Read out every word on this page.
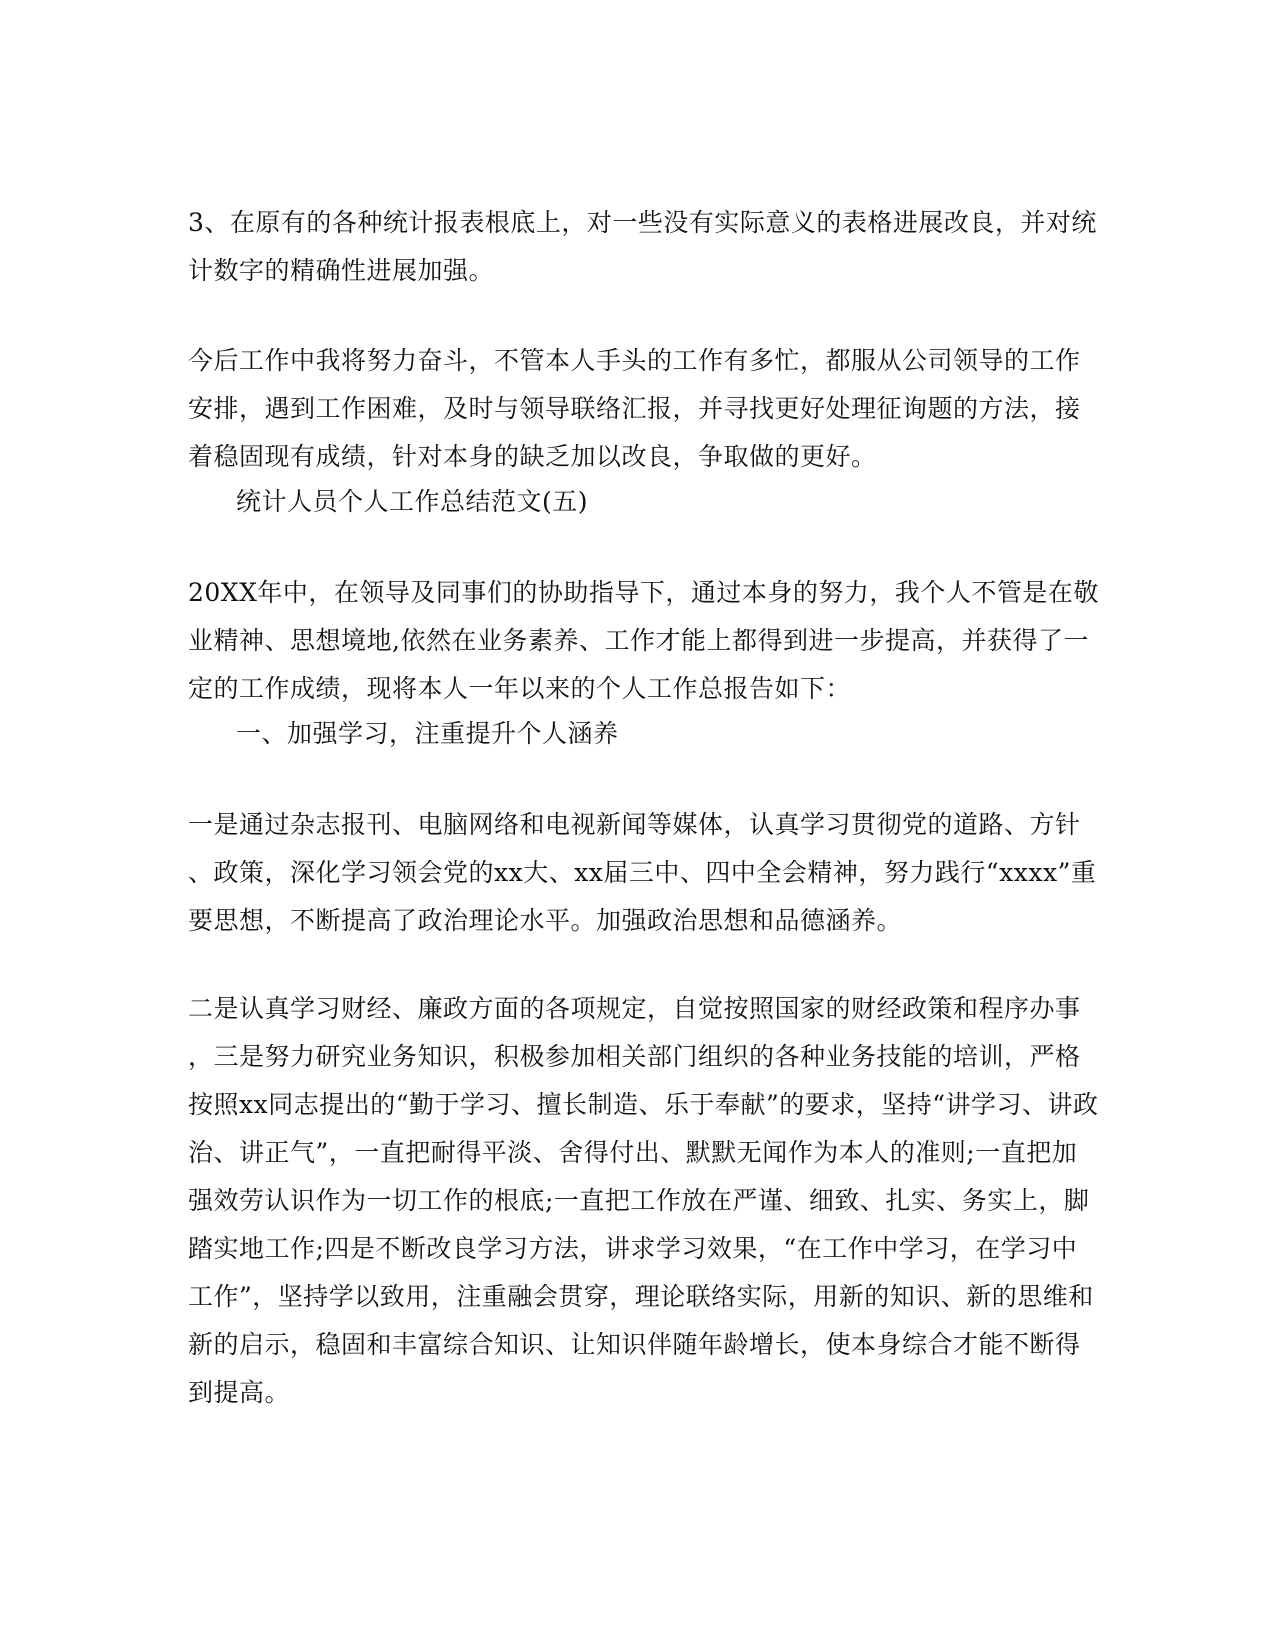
3、在原有的各种统计报表根底上，对一些没有实际意义的表格进展改良，并对统
计数字的精确性进展加强。
今后工作中我将努力奋斗，不管本人手头的工作有多忙，都服从公司领导的工作
安排，遇到工作困难，及时与领导联络汇报，并寻找更好处理征询题的方法，接
着稳固现有成绩，针对本身的缺乏加以改良，争取做的更好。
统计人员个人工作总结范文(五)
20XX年中，在领导及同事们的协助指导下，通过本身的努力，我个人不管是在敬
业精神、思想境地,依然在业务素养、工作才能上都得到进一步提高，并获得了一
定的工作成绩，现将本人一年以来的个人工作总报告如下：
一、加强学习，注重提升个人涵养
一是通过杂志报刊、电脑网络和电视新闻等媒体，认真学习贯彻党的道路、方针
、政策，深化学习领会党的xx大、xx届三中、四中全会精神，努力践行“xxxx”重
要思想，不断提高了政治理论水平。加强政治思想和品德涵养。
二是认真学习财经、廉政方面的各项规定，自觉按照国家的财经政策和程序办事
，三是努力研究业务知识，积极参加相关部门组织的各种业务技能的培训，严格
按照xx同志提出的“勤于学习、擅长制造、乐于奉献”的要求，坚持“讲学习、讲政
治、讲正气”，一直把耐得平淡、舍得付出、默默无闻作为本人的准则;一直把加
强效劳认识作为一切工作的根底;一直把工作放在严谨、细致、扎实、务实上，脚
踏实地工作;四是不断改良学习方法，讲求学习效果，“在工作中学习，在学习中
工作”，坚持学以致用，注重融会贯穿，理论联络实际，用新的知识、新的思维和
新的启示，稳固和丰富综合知识、让知识伴随年龄增长，使本身综合才能不断得
到提高。
